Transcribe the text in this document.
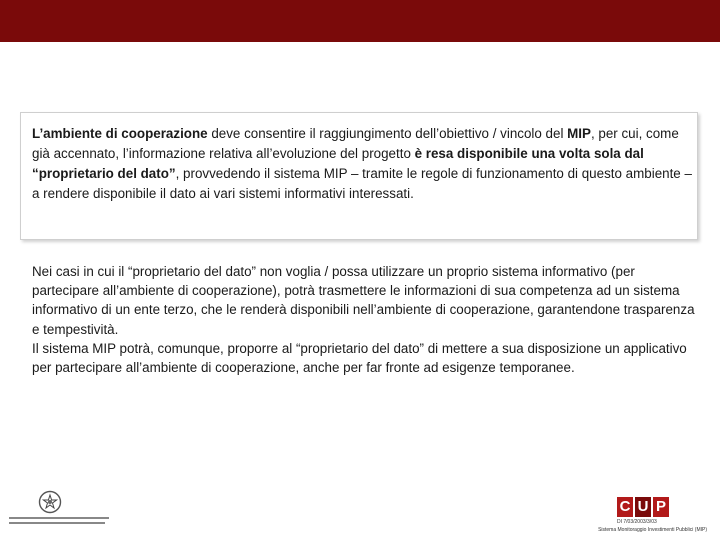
L’ambiente di cooperazione deve consentire il raggiungimento dell’obiettivo / vincolo del MIP, per cui, come già accennato, l’informazione relativa all’evoluzione del progetto è resa disponibile una volta sola dal “proprietario del dato”, provvedendo il sistema MIP – tramite le regole di funzionamento di questo ambiente – a rendere disponibile il dato ai vari sistemi informativi interessati.

Nei casi in cui il “proprietario del dato” non voglia / possa utilizzare un proprio sistema informativo (per partecipare all’ambiente di cooperazione), potrà trasmettere le informazioni di sua competenza ad un sistema informativo di un ente terzo, che le renderà disponibili nell’ambiente di cooperazione, garantendone trasparenza e tempestività.
Il sistema MIP potrà, comunque, proporre al “proprietario del dato” di mettere a sua disposizione un applicativo per partecipare all’ambiente di cooperazione, anche per far fronte ad esigenze temporanee.

C U P
DI 7/03/2003/3/03
Sistema Monitoraggio Investimenti Pubblici (MIP)
